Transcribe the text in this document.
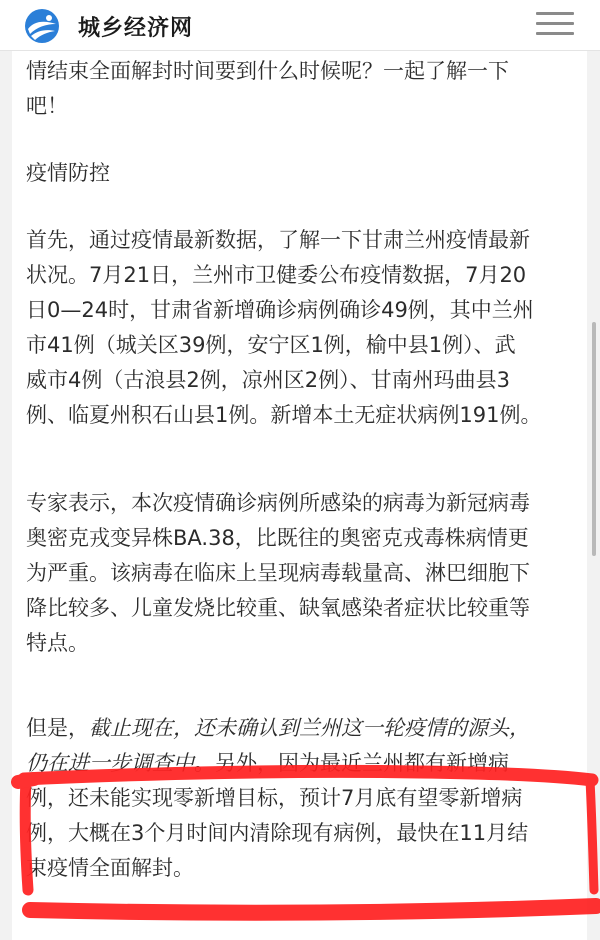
城乡经济网

情结束全面解封时间要到什么时候呢？一起了解一下

吧！

疫情防控

首先，通过疫情最新数据，了解一下甘肃兰州疫情最新
状况。7月21日，兰州市卫健委公布疫情数据，7月20
日0—24时，甘肃省新增确诊病例确诊49例，其中兰州
市41例（城关区39例，安宁区1例，榆中县1例）、武
威市4例（古浪县2例，凉州区2例）、甘南州玛曲县3
例、临夏州积石山县1例。新增本土无症状病例191例。

专家表示，本次疫情确诊病例所感染的病毒为新冠病毒
奥密克戎变异株BA.38，比既往的奥密克戎毒株病情更
为严重。该病毒在临床上呈现病毒载量高、淋巴细胞下
降比较多、儿童发烧比较重、缺氧感染者症状比较重等
特点。

但是，截止现在，还未确认到兰州这一轮疫情的源头，
仍在进一步调查中。另外，因为最近兰州都有新增病
例，还未能实现零新增目标，预计7月底有望零新增病
例，大概在3个月时间内清除现有病例，最快在11月结
束疫情全面解封。
